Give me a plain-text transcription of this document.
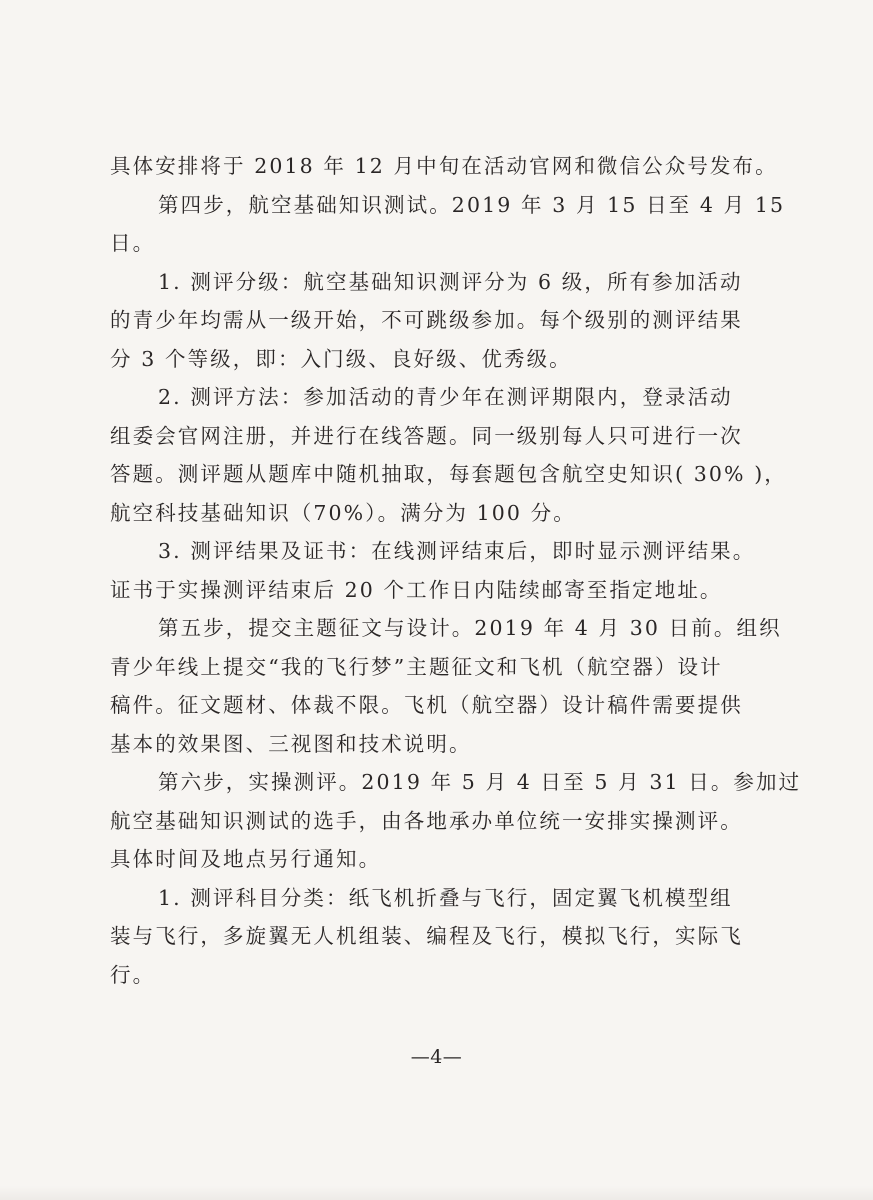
具体安排将于 2018 年 12 月中旬在活动官网和微信公众号发布。
第四步，航空基础知识测试。2019 年 3 月 15 日至 4 月 15
日。
1. 测评分级：航空基础知识测评分为 6 级，所有参加活动
的青少年均需从一级开始，不可跳级参加。每个级别的测评结果
分 3 个等级，即：入门级、良好级、优秀级。
2. 测评方法：参加活动的青少年在测评期限内，登录活动
组委会官网注册，并进行在线答题。同一级别每人只可进行一次
答题。测评题从题库中随机抽取，每套题包含航空史知识( 30% )，
航空科技基础知识（70%）。满分为 100 分。
3. 测评结果及证书：在线测评结束后，即时显示测评结果。
证书于实操测评结束后 20 个工作日内陆续邮寄至指定地址。
第五步，提交主题征文与设计。2019 年 4 月 30 日前。组织
青少年线上提交“我的飞行梦”主题征文和飞机（航空器）设计
稿件。征文题材、体裁不限。飞机（航空器）设计稿件需要提供
基本的效果图、三视图和技术说明。
第六步，实操测评。2019 年 5 月 4 日至 5 月 31 日。参加过
航空基础知识测试的选手，由各地承办单位统一安排实操测评。
具体时间及地点另行通知。
1. 测评科目分类：纸飞机折叠与飞行，固定翼飞机模型组
装与飞行，多旋翼无人机组装、编程及飞行，模拟飞行，实际飞
行。
—4—
